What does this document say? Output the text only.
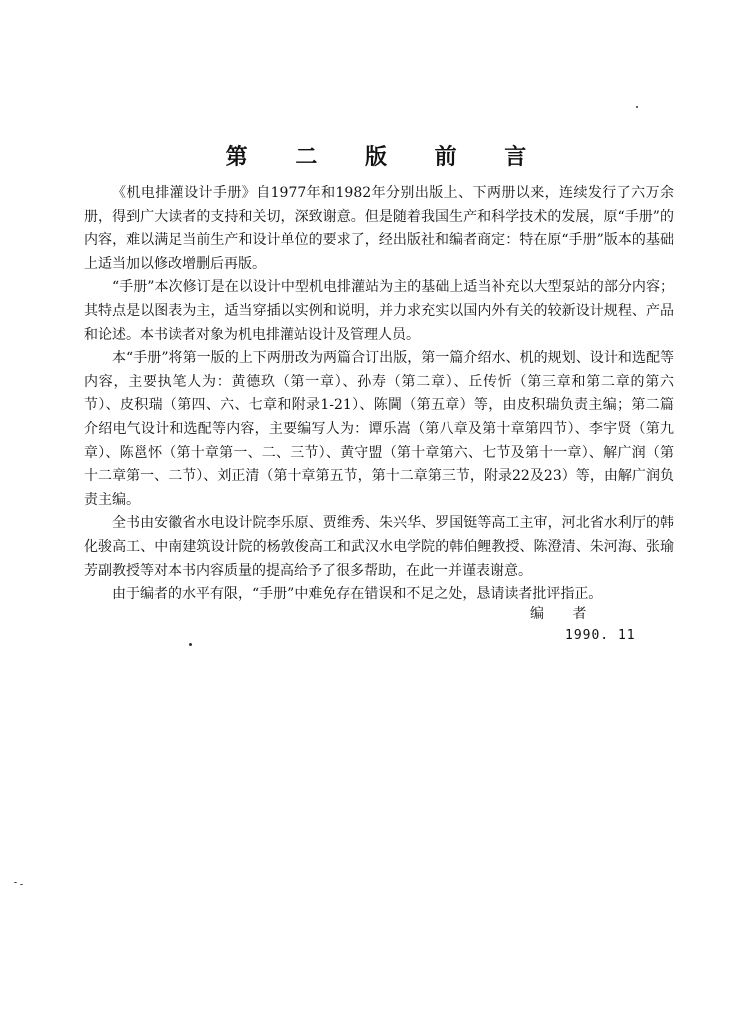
第 二 版 前 言

《机电排灌设计手册》自1977年和1982年分别出版上、下两册以来，连续发行了六万余册，得到广大读者的支持和关切，深致谢意。但是随着我国生产和科学技术的发展，原“手册”的内容，难以满足当前生产和设计单位的要求了，经出版社和编者商定：特在原“手册”版本的基础上适当加以修改增删后再版。

“手册”本次修订是在以设计中型机电排灌站为主的基础上适当补充以大型泵站的部分内容；其特点是以图表为主，适当穿插以实例和说明，并力求充实以国内外有关的较新设计规程、产品和论述。本书读者对象为机电排灌站设计及管理人员。

本“手册”将第一版的上下两册改为两篇合订出版，第一篇介绍水、机的规划、设计和选配等内容，主要执笔人为：黄德玖（第一章）、孙寿（第二章）、丘传忻（第三章和第二章的第六节）、皮积瑞（第四、六、七章和附录1-21）、陈閫（第五章）等，由皮积瑞负责主编；第二篇介绍电气设计和选配等内容，主要编写人为：谭乐嵩（第八章及第十章第四节）、李宇贤（第九章）、陈邕怀（第十章第一、二、三节）、黄守盟（第十章第六、七节及第十一章）、解广润（第十二章第一、二节）、刘正清（第十章第五节，第十二章第三节，附录22及23）等，由解广润负责主编。

全书由安徽省水电设计院李乐原、贾维秀、朱兴华、罗国铤等高工主审，河北省水利厅的韩化骏高工、中南建筑设计院的杨敦俊高工和武汉水电学院的韩伯鲤教授、陈澄清、朱河海、张瑜芳副教授等对本书内容质量的提高给予了很多帮助，在此一并谨表谢意。

由于编者的水平有限，“手册”中难免存在错误和不足之处，恳请读者批评指正。

编 者
1990. 11
